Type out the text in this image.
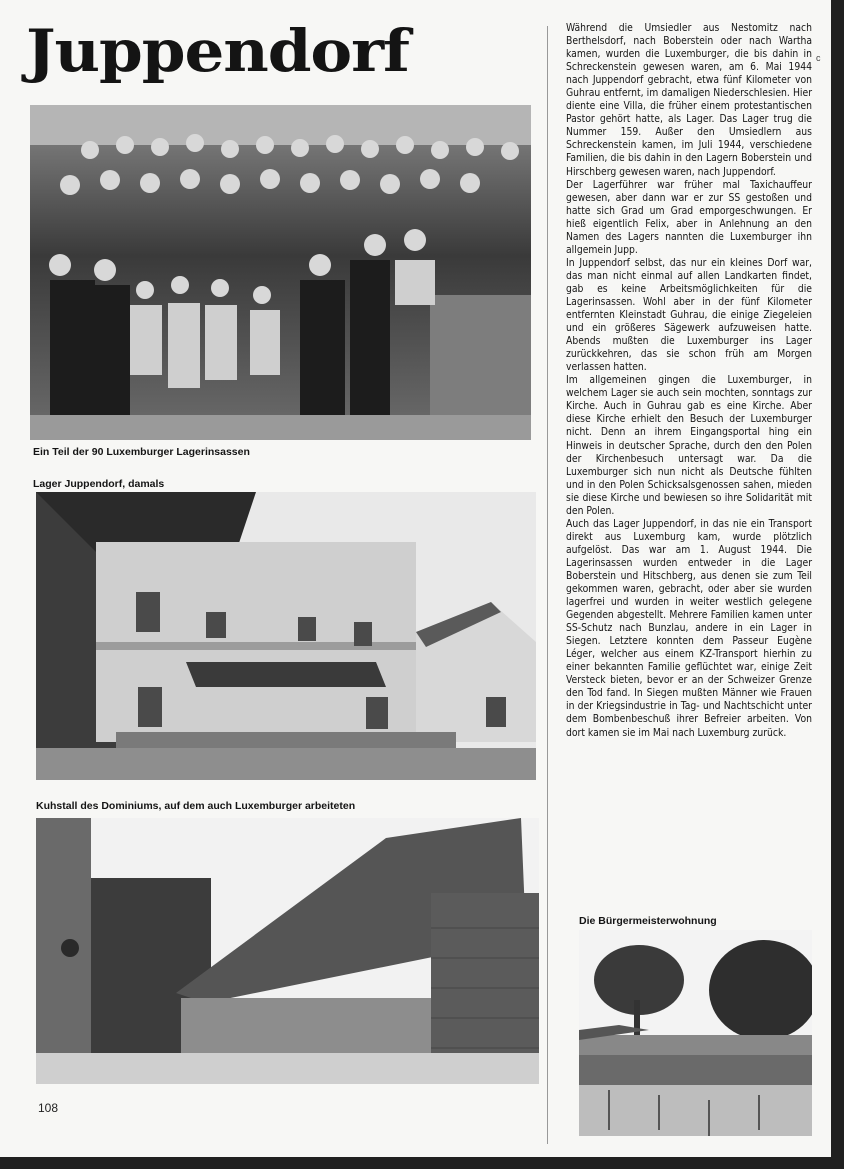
Juppendorf

Ein Teil der 90 Luxemburger Lagerinsassen

Lager Juppendorf, damals

Kuhstall des Dominiums, auf dem auch Luxemburger arbeiteten

Während die Umsiedler aus Nestomitz nach Berthelsdorf, nach Boberstein oder nach Wartha kamen, wurden die Luxemburger, die bis dahin in Schreckenstein gewesen waren, am 6. Mai 1944 nach Juppendorf gebracht, etwa fünf Kilometer von Guhrau entfernt, im damaligen Niederschlesien. Hier diente eine Villa, die früher einem protestantischen Pastor gehört hatte, als Lager. Das Lager trug die Nummer 159. Außer den Umsiedlern aus Schreckenstein kamen, im Juli 1944, verschiedene Familien, die bis dahin in den Lagern Boberstein und Hirschberg gewesen waren, nach Juppendorf.

Der Lagerführer war früher mal Taxichauffeur gewesen, aber dann war er zur SS gestoßen und hatte sich Grad um Grad emporgeschwungen. Er hieß eigentlich Felix, aber in Anlehnung an den Namen des Lagers nannten die Luxemburger ihn allgemein Jupp.

In Juppendorf selbst, das nur ein kleines Dorf war, das man nicht einmal auf allen Landkarten findet, gab es keine Arbeitsmöglichkeiten für die Lagerinsassen. Wohl aber in der fünf Kilometer entfernten Kleinstadt Guhrau, die einige Ziegeleien und ein größeres Sägewerk aufzuweisen hatte. Abends mußten die Luxemburger ins Lager zurückkehren, das sie schon früh am Morgen verlassen hatten.

Im allgemeinen gingen die Luxemburger, in welchem Lager sie auch sein mochten, sonntags zur Kirche. Auch in Guhrau gab es eine Kirche. Aber diese Kirche erhielt den Besuch der Luxemburger nicht. Denn an ihrem Eingangsportal hing ein Hinweis in deutscher Sprache, durch den den Polen der Kirchenbesuch untersagt war. Da die Luxemburger sich nun nicht als Deutsche fühlten und in den Polen Schicksalsgenossen sahen, mieden sie diese Kirche und bewiesen so ihre Solidarität mit den Polen.

Auch das Lager Juppendorf, in das nie ein Transport direkt aus Luxemburg kam, wurde plötzlich aufgelöst. Das war am 1. August 1944. Die Lagerinsassen wurden entweder in die Lager Boberstein und Hitschberg, aus denen sie zum Teil gekommen waren, gebracht, oder aber sie wurden lagerfrei und wurden in weiter westlich gelegene Gegenden abgestellt. Mehrere Familien kamen unter SS-Schutz nach Bunzlau, andere in ein Lager in Siegen. Letztere konnten dem Passeur Eugène Léger, welcher aus einem KZ-Transport hierhin zu einer bekannten Familie geflüchtet war, einige Zeit Versteck bieten, bevor er an der Schweizer Grenze den Tod fand. In Siegen mußten Männer wie Frauen in der Kriegsindustrie in Tag- und Nachtschicht unter dem Bombenbeschuß ihrer Befreier arbeiten. Von dort kamen sie im Mai nach Luxemburg zurück.

c

Die Bürgermeisterwohnung

108
